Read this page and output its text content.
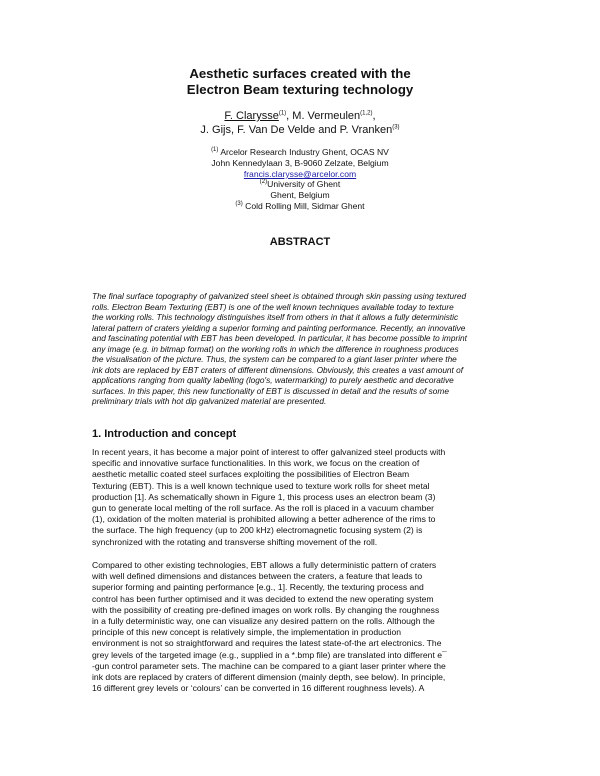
Aesthetic surfaces created with the
Electron Beam texturing technology
F. Clarysse$^{(1)}$, M. Vermeulen$^{(1,2)}$,
J. Gijs, F. Van De Velde and P. Vranken$^{(3)}$
$^{(1)}$ Arcelor Research Industry Ghent, OCAS NV
John Kennedylaan 3, B-9060 Zelzate, Belgium
francis.clarysse@arcelor.com
$^{(2)}$University of Ghent
Ghent, Belgium
$^{(3)}$ Cold Rolling Mill, Sidmar Ghent
ABSTRACT
The final surface topography of galvanized steel sheet is obtained through skin passing using textured
rolls. Electron Beam Texturing (EBT) is one of the well known techniques available today to texture
the working rolls. This technology distinguishes itself from others in that it allows a fully deterministic
lateral pattern of craters yielding a superior forming and painting performance. Recently, an innovative
and fascinating potential with EBT has been developed. In particular, it has become possible to imprint
any image (e.g. in bitmap format) on the working rolls in which the difference in roughness produces
the visualisation of the picture. Thus, the system can be compared to a giant laser printer where the
ink dots are replaced by EBT craters of different dimensions. Obviously, this creates a vast amount of
applications ranging from quality labelling (logo's, watermarking) to purely aesthetic and decorative
surfaces. In this paper, this new functionality of EBT is discussed in detail and the results of some
preliminary trials with hot dip galvanized material are presented.
1. Introduction and concept
In recent years, it has become a major point of interest to offer galvanized steel products with
specific and innovative surface functionalities. In this work, we focus on the creation of
aesthetic metallic coated steel surfaces exploiting the possibilities of Electron Beam
Texturing (EBT). This is a well known technique used to texture work rolls for sheet metal
production [1]. As schematically shown in Figure 1, this process uses an electron beam (3)
gun to generate local melting of the roll surface. As the roll is placed in a vacuum chamber
(1), oxidation of the molten material is prohibited allowing a better adherence of the rims to
the surface. The high frequency (up to 200 kHz) electromagnetic focusing system (2) is
synchronized with the rotating and transverse shifting movement of the roll.
Compared to other existing technologies, EBT allows a fully deterministic pattern of craters
with well defined dimensions and distances between the craters, a feature that leads to
superior forming and painting performance [e.g., 1]. Recently, the texturing process and
control has been further optimised and it was decided to extend the new operating system
with the possibility of creating pre-defined images on work rolls. By changing the roughness
in a fully deterministic way, one can visualize any desired pattern on the rolls. Although the
principle of this new concept is relatively simple, the implementation in production
environment is not so straightforward and requires the latest state-of-the art electronics. The
grey levels of the targeted image (e.g., supplied in a *.bmp file) are translated into different e¯
-gun control parameter sets. The machine can be compared to a giant laser printer where the
ink dots are replaced by craters of different dimension (mainly depth, see below). In principle,
16 different grey levels or ‘colours’ can be converted in 16 different roughness levels). A
